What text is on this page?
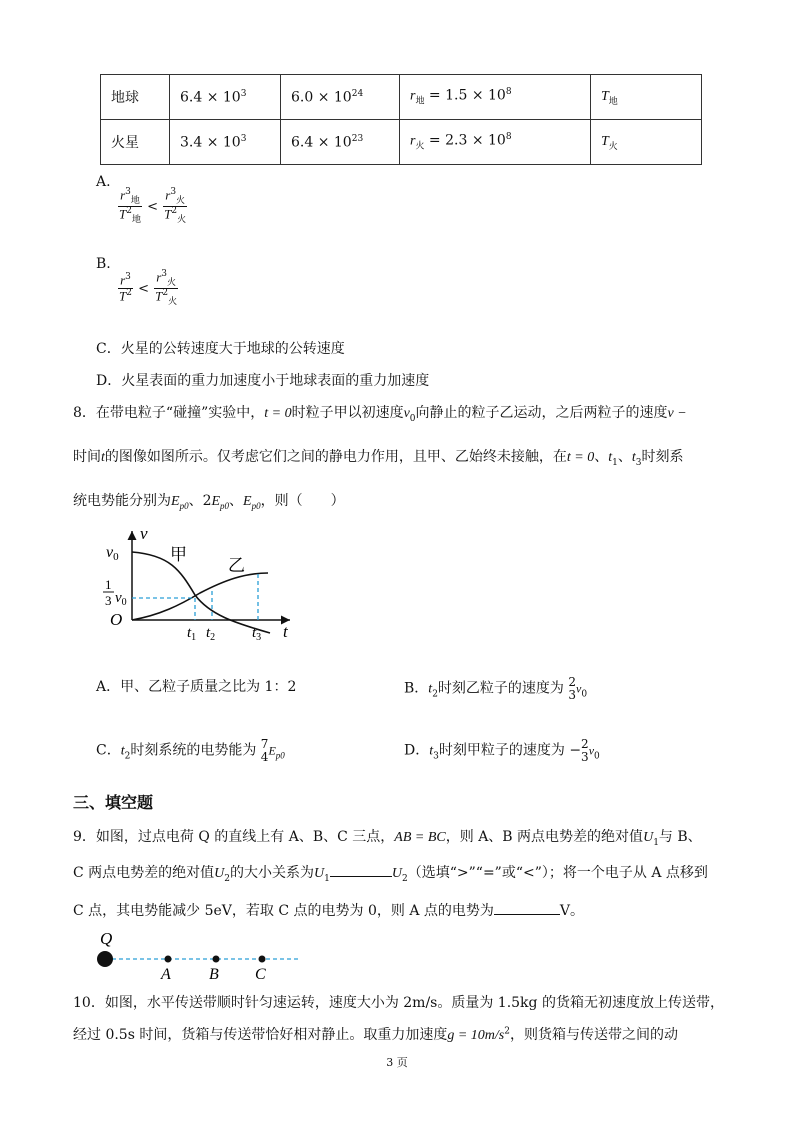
地球	$6.4 \times 10^3$	$6.0 \times 10^{24}$	$r_地 = 1.5 \times 10^8$	$T_地$
火星	$3.4 \times 10^3$	$6.4 \times 10^{23}$	$r_火 = 2.3 \times 10^8$	$T_火$
A.
$\frac{r^3_地}{T^2_地} < \frac{r^3_火}{T^2_火}$
B.
$\frac{r^3}{T^2} < \frac{r^3_火}{T^2_火}$
C．火星的公转速度大于地球的公转速度
D．火星表面的重力加速度小于地球表面的重力加速度
8．在带电粒子“碰撞”实验中，t = 0时粒子甲以初速度$v_0$向静止的粒子乙运动，之后两粒子的速度v −
时间t的图像如图所示。仅考虑它们之间的静电力作用，且甲、乙始终未接触，在t = 0、$t_1$、$t_3$时刻系
统电势能分别为$E_{p0}$、$2E_{p0}$、$E_{p0}$，则（　　）
v
v0
1
3 $v_0$
O
t
甲
乙
$t_1$ $t_2$ $t_3$
A．甲、乙粒子质量之比为 1：2	B．$t_2$时刻乙粒子的速度为 2
3 $v_0$
C．$t_2$时刻系统的电势能为 7
4 $E_{p0}$	D．$t_3$时刻甲粒子的速度为 − 2
3 $v_0$
三、填空题
9．如图，过点电荷 Q 的直线上有 A、B、C 三点，AB = BC，则 A、B 两点电势差的绝对值$U_1$与 B、
C 两点电势差的绝对值$U_2$的大小关系为$U_1$	$U_2$（选填“>”“=”或“<”）；将一个电子从 A 点移到
C 点，其电势能减少 5eV，若取 C 点的电势为 0，则 A 点的电势为	V。
Q
A B C
10．如图，水平传送带顺时针匀速运转，速度大小为 2m/s。质量为 1.5kg 的货箱无初速度放上传送带，
经过 0.5s 时间，货箱与传送带恰好相对静止。取重力加速度$g = 10m/s^2$，则货箱与传送带之间的动
3 页
